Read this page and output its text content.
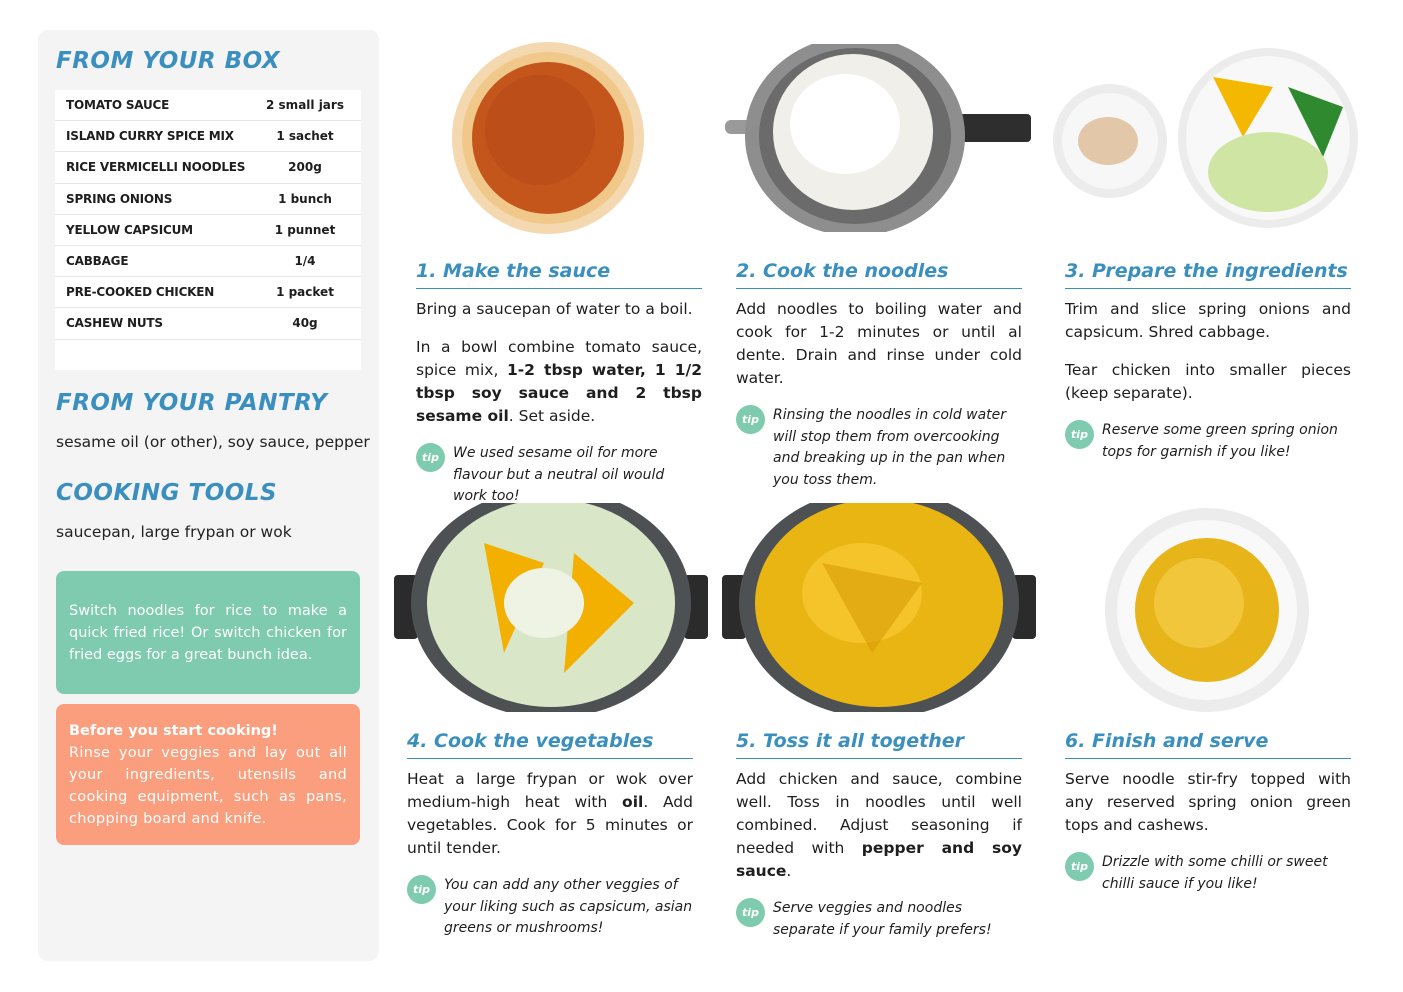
FROM YOUR BOX
TOMATO SAUCE	2 small jars
ISLAND CURRY SPICE MIX	1 sachet
RICE VERMICELLI NOODLES	200g
SPRING ONIONS	1 bunch
YELLOW CAPSICUM	1 punnet
CABBAGE	1/4
PRE-COOKED CHICKEN	1 packet
CASHEW NUTS	40g
FROM YOUR PANTRY
sesame oil (or other), soy sauce, pepper
COOKING TOOLS
saucepan, large frypan or wok
Switch noodles for rice to make a quick fried rice! Or switch chicken for fried eggs for a great bunch idea.
Before you start cooking!
Rinse your veggies and lay out all your ingredients, utensils and cooking equipment, such as pans, chopping board and knife.
1. Make the sauce

Bring a saucepan of water to a boil.

In a bowl combine tomato sauce, spice mix, 1-2 tbsp water, 1 1/2 tbsp soy sauce and 2 tbsp sesame oil. Set aside.

tip	We used sesame oil for more flavour but a neutral oil would work too!
2. Cook the noodles

Add noodles to boiling water and cook for 1-2 minutes or until al dente. Drain and rinse under cold water.

tip	Rinsing the noodles in cold water will stop them from overcooking and breaking up in the pan when you toss them.
3. Prepare the ingredients

Trim and slice spring onions and capsicum. Shred cabbage.

Tear chicken into smaller pieces (keep separate).

tip	Reserve some green spring onion tops for garnish if you like!
4. Cook the vegetables

Heat a large frypan or wok over medium-high heat with oil. Add vegetables. Cook for 5 minutes or until tender.

tip	You can add any other veggies of your liking such as capsicum, asian greens or mushrooms!
5. Toss it all together

Add chicken and sauce, combine well. Toss in noodles until well combined. Adjust seasoning if needed with pepper and soy sauce.

tip	Serve veggies and noodles separate if your family prefers!
6. Finish and serve

Serve noodle stir-fry topped with any reserved spring onion green tops and cashews.

tip	Drizzle with some chilli or sweet chilli sauce if you like!
